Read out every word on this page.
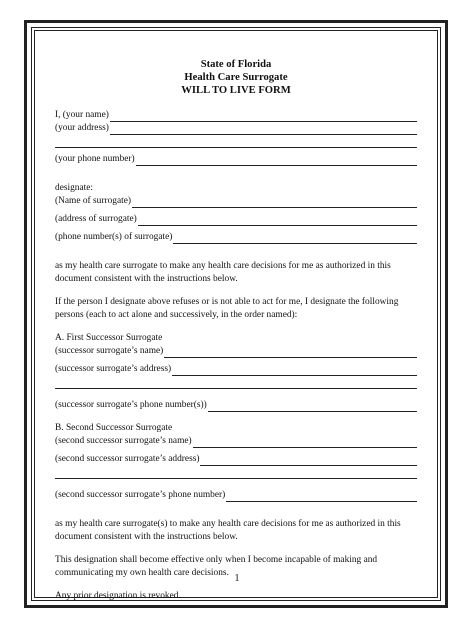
State of Florida
Health Care Surrogate
WILL TO LIVE FORM
I, (your name)
(your address)
(your phone number)
designate:
(Name of surrogate)
(address of surrogate)
(phone number(s) of surrogate)

as my health care surrogate to make any health care decisions for me as authorized in this document consistent with the instructions below.

If the person I designate above refuses or is not able to act for me, I designate the following persons (each to act alone and successively, in the order named):

A. First Successor Surrogate
(successor surrogate’s name)
(successor surrogate’s address)
(successor surrogate’s phone number(s))
B. Second Successor Surrogate
(second successor surrogate’s name)
(second successor surrogate’s address)
(second successor surrogate’s phone number)

as my health care surrogate(s) to make any health care decisions for me as authorized in this document consistent with the instructions below.

This designation shall become effective only when I become incapable of making and communicating my own health care decisions.

Any prior designation is revoked.

1
